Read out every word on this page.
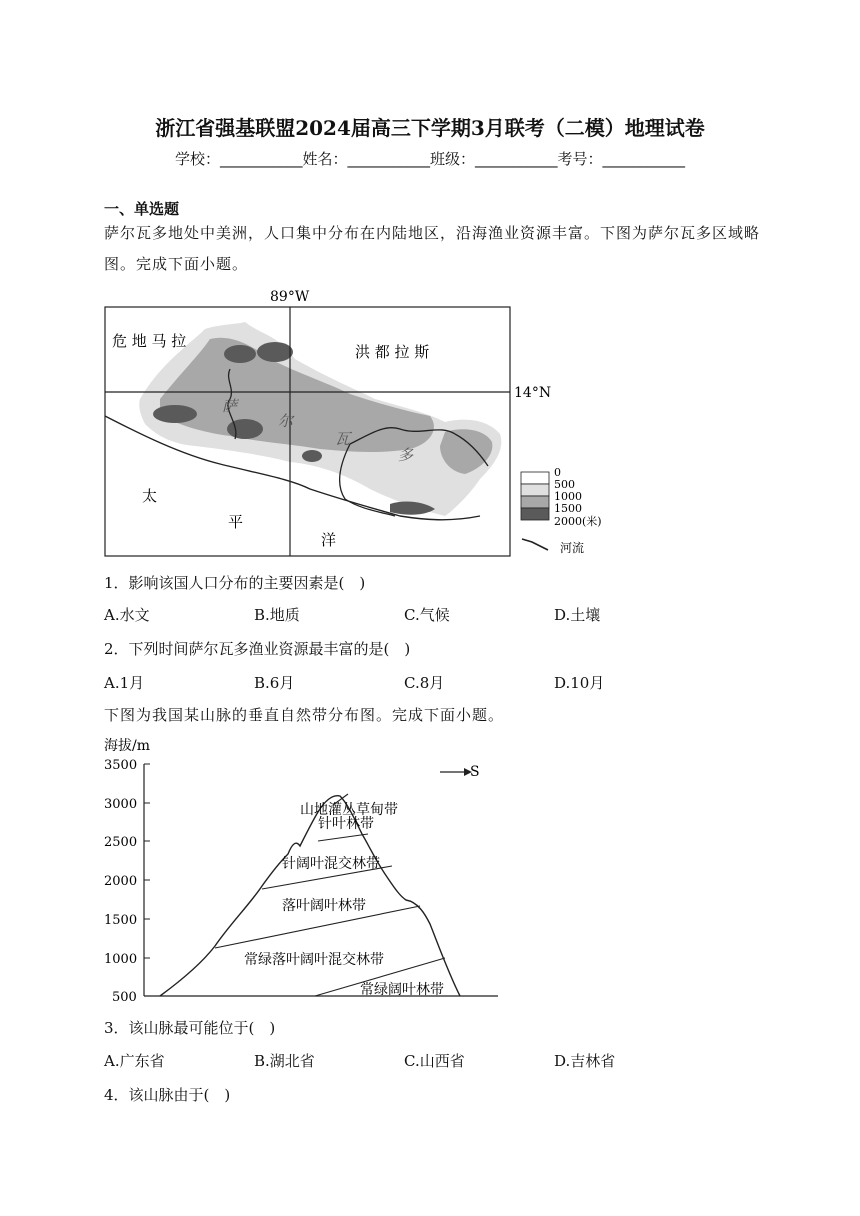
浙江省强基联盟2024届高三下学期3月联考（二模）地理试卷
学校：___________姓名：___________班级：___________考号：___________
一、单选题
萨尔瓦多地处中美洲，人口集中分布在内陆地区，沿海渔业资源丰富。下图为萨尔瓦多区域略图。完成下面小题。
89°W
14°N
危 地 马 拉
洪 都 拉 斯
萨
尔
瓦
多
太
平
洋
0
500
1000
1500
2000(米)
河流
1．影响该国人口分布的主要因素是(　)
A.水文	B.地质	C.气候	D.土壤
2．下列时间萨尔瓦多渔业资源最丰富的是(　)
A.1月	B.6月	C.8月	D.10月
下图为我国某山脉的垂直自然带分布图。完成下面小题。
海拔/m
3500
3000
2500
2000
1500
1000
500
山地灌丛草甸带
针叶林带
针阔叶混交林带
落叶阔叶林带
常绿落叶阔叶混交林带
常绿阔叶林带
S
3．该山脉最可能位于(　)
A.广东省	B.湖北省	C.山西省	D.吉林省
4．该山脉由于(　)
